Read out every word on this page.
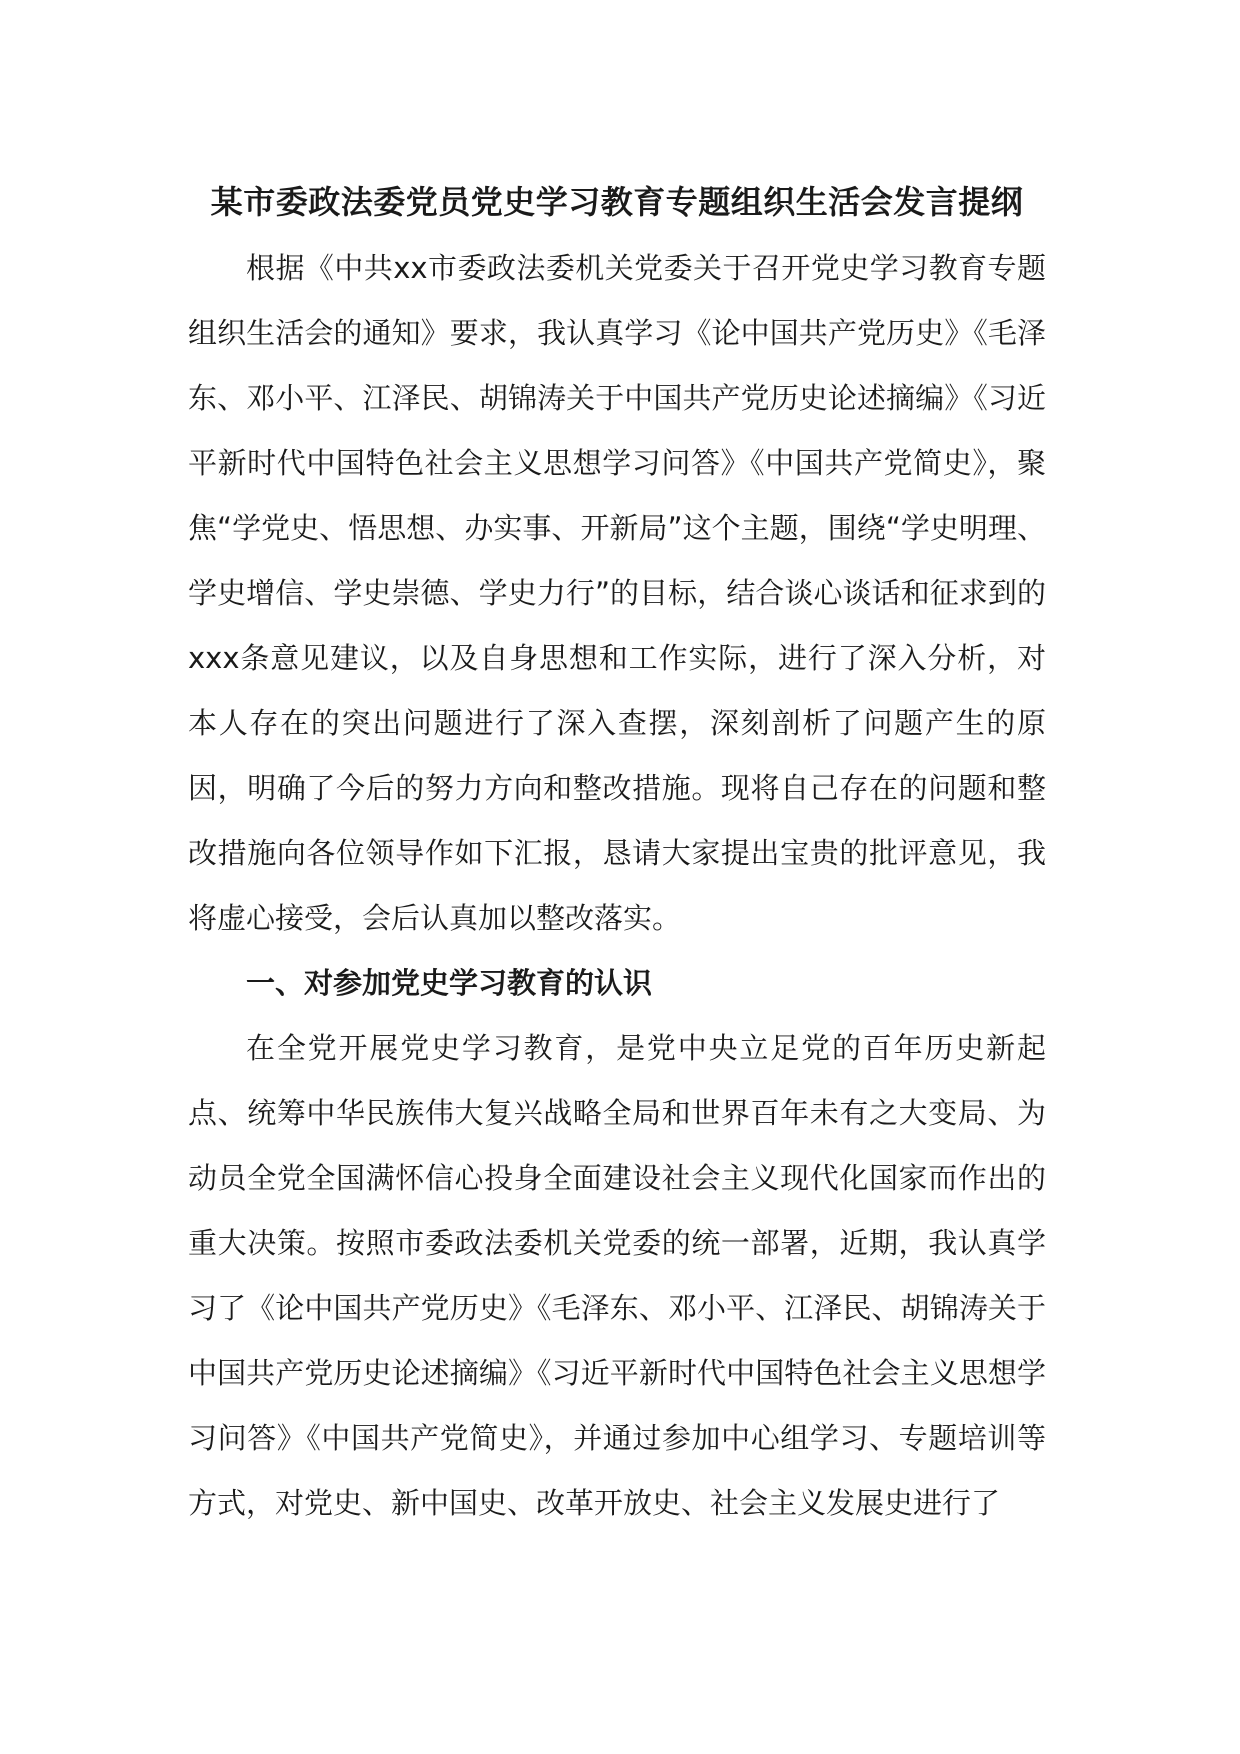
某市委政法委党员党史学习教育专题组织生活会发言提纲

根据《中共xx市委政法委机关党委关于召开党史学习教育专题组织生活会的通知》要求，我认真学习《论中国共产党历史》《毛泽东、邓小平、江泽民、胡锦涛关于中国共产党历史论述摘编》《习近平新时代中国特色社会主义思想学习问答》《中国共产党简史》，聚焦“学党史、悟思想、办实事、开新局”这个主题，围绕“学史明理、学史增信、学史崇德、学史力行”的目标，结合谈心谈话和征求到的xxx条意见建议，以及自身思想和工作实际，进行了深入分析，对本人存在的突出问题进行了深入查摆，深刻剖析了问题产生的原因，明确了今后的努力方向和整改措施。现将自己存在的问题和整改措施向各位领导作如下汇报，恳请大家提出宝贵的批评意见，我将虚心接受，会后认真加以整改落实。

一、对参加党史学习教育的认识

在全党开展党史学习教育，是党中央立足党的百年历史新起点、统筹中华民族伟大复兴战略全局和世界百年未有之大变局、为动员全党全国满怀信心投身全面建设社会主义现代化国家而作出的重大决策。按照市委政法委机关党委的统一部署，近期，我认真学习了《论中国共产党历史》《毛泽东、邓小平、江泽民、胡锦涛关于中国共产党历史论述摘编》《习近平新时代中国特色社会主义思想学习问答》《中国共产党简史》，并通过参加中心组学习、专题培训等方式，对党史、新中国史、改革开放史、社会主义发展史进行了
